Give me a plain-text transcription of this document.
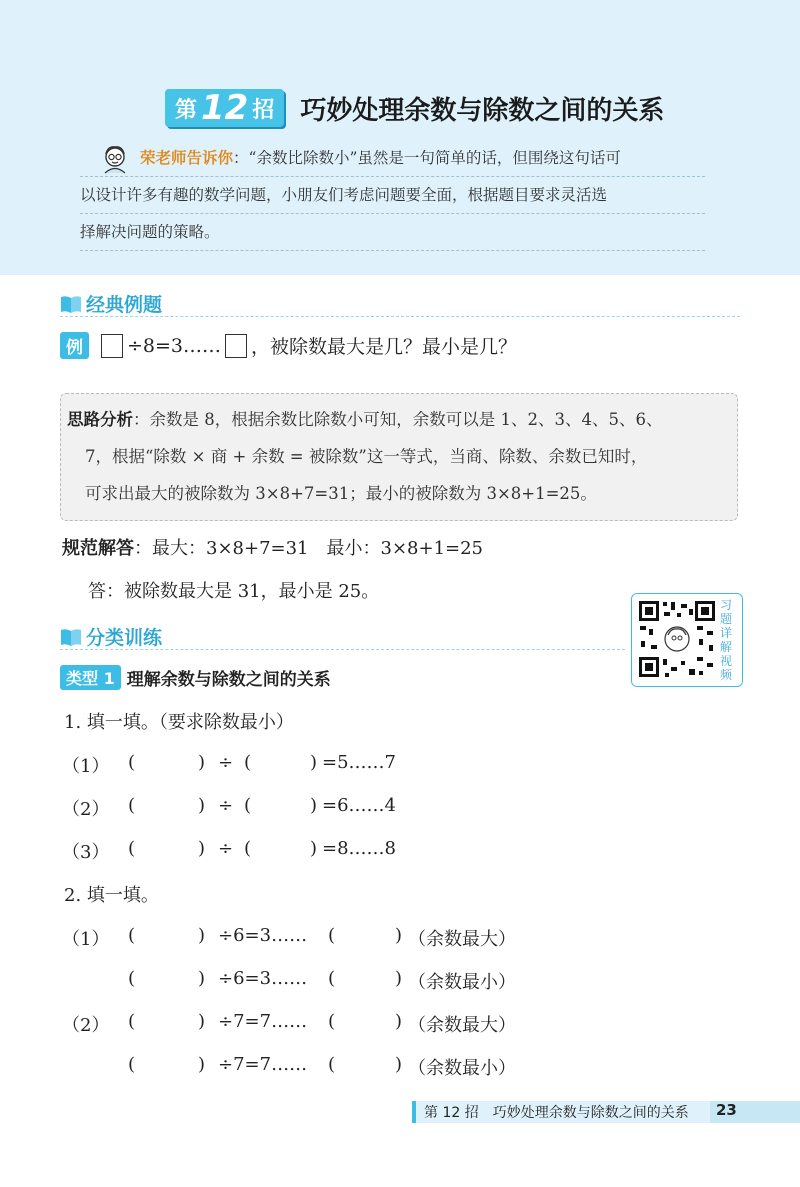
第 12 招 巧妙处理余数与除数之间的关系
荣老师告诉你：“余数比除数小”虽然是一句简单的话，但围绕这句话可
以设计许多有趣的数学问题，小朋友们考虑问题要全面，根据题目要求灵活选
择解决问题的策略。
经典例题
例	÷8=3…… ，被除数最大是几？最小是几？
思路分析：余数是 8，根据余数比除数小可知，余数可以是 1、2、3、4、5、6、
7，根据“除数 × 商 + 余数 = 被除数”这一等式，当商、除数、余数已知时，
可求出最大的被除数为 3×8+7=31；最小的被除数为 3×8+1=25。
规范解答：最大：3×8+7=31　最小：3×8+1=25
答：被除数最大是 31，最小是 25。
习题详解视频
分类训练
类型 1 理解余数与除数之间的关系
1. 填一填。（要求除数最小）
（1） (	) ÷ (	) =5……7
（2） (	) ÷ (	) =6……4
（3） (	) ÷ (	) =8……8
2. 填一填。
（1） (	) ÷6=3…… (	) （余数最大）
(	) ÷6=3…… (	) （余数最小）
（2） (	) ÷7=7…… (	) （余数最大）
(	) ÷7=7…… (	) （余数最小）
第 12 招　巧妙处理余数与除数之间的关系 23
